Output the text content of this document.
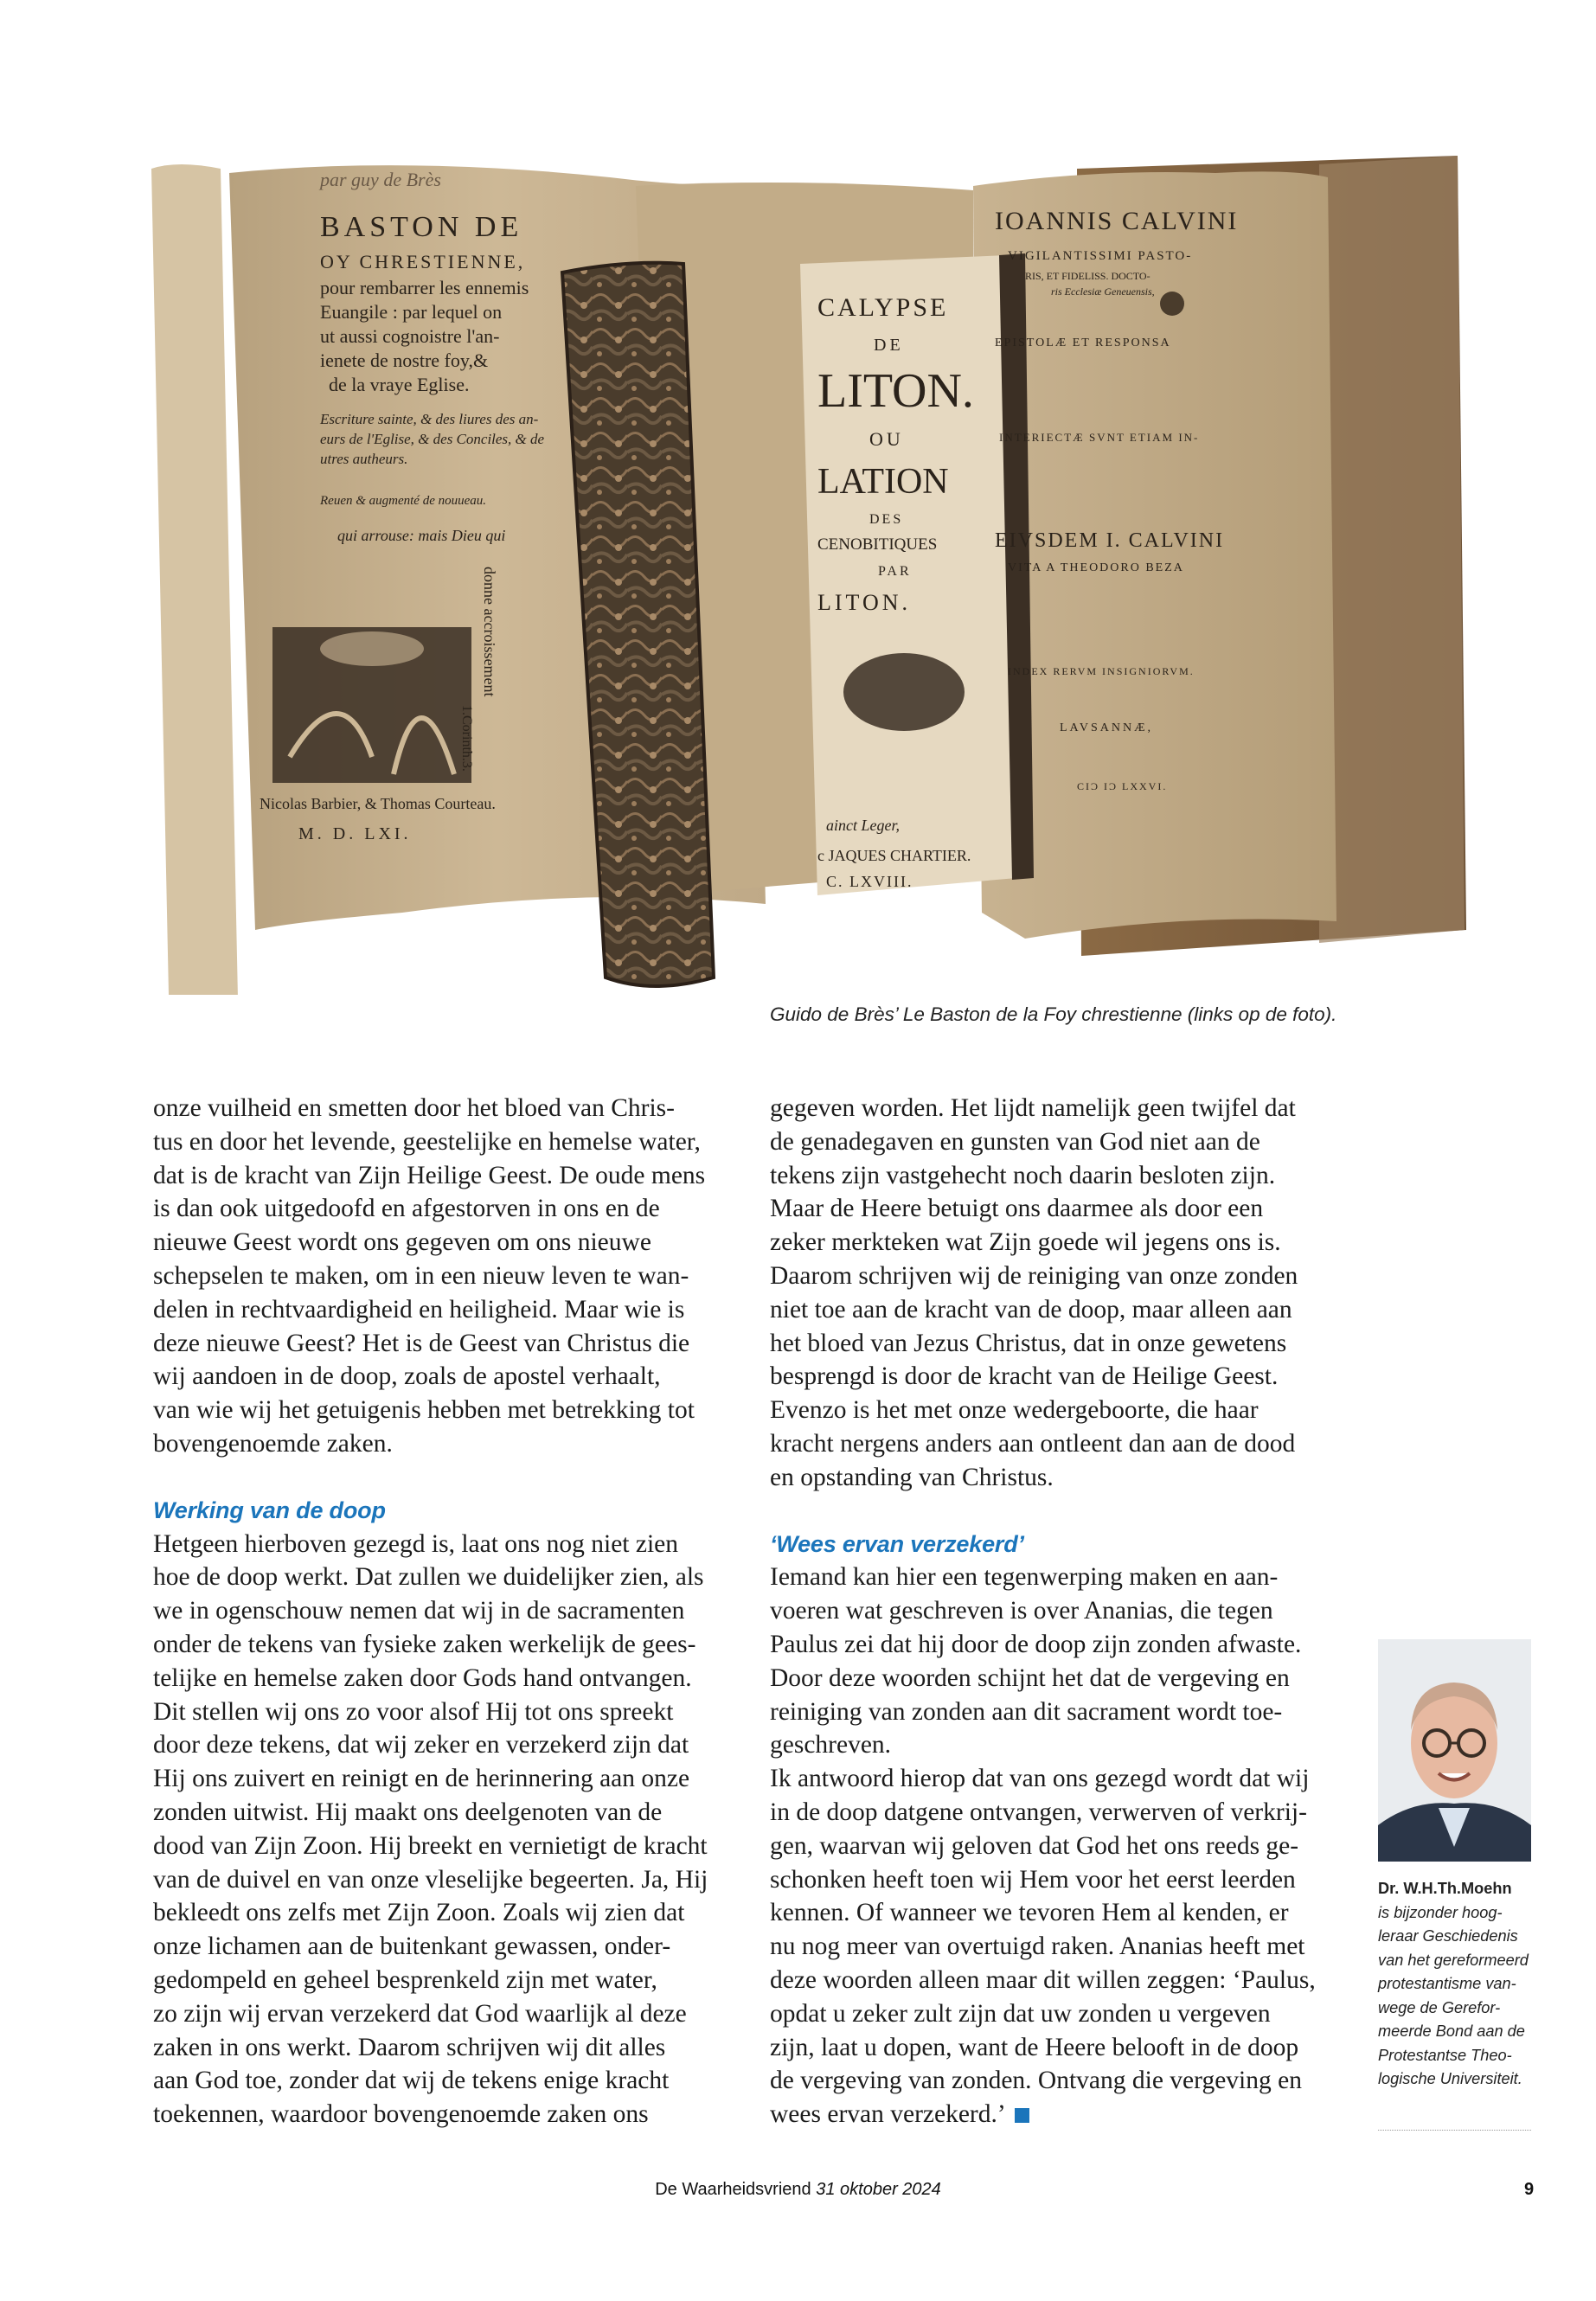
par guy de Brès
BASTON DE
OY CHRESTIENNE,
pour rembarrer les ennemis
Euangile : par lequel on
ut aussi cognoistre l'an-
ienete de nostre foy,&
de la vraye Eglise.
Escriture sainte, & des liures des an-
eurs de l'Eglise, & des Conciles, & de
utres autheurs.
Reuen & augmenté de nouueau.
qui arrouse: mais Dieu qui
donne accroissement
1.Corinth.3.
Nicolas Barbier, & Thomas Courteau.
M. D. LXI.
CALYPSE
DE
LITON.
OU
LATION
DES
CENOBITIQUES
PAR
LITON.
ainct Leger,
c JAQUES CHARTIER.
C. LXVIII.
IOANNIS CALVINI
VIGILANTISSIMI PASTO-
RIS, ET FIDELISS. DOCTO-
ris Ecclesiæ Geneuensis,
EPISTOLÆ ET RESPONSA
INTERIECTÆ SVNT ETIAM IN-
EIVSDEM I. CALVINI
VITA A THEODORO BEZA
INDEX RERVM INSIGNIORVM.
LAVSANNÆ,
CIƆ IƆ LXXVI.
Guido de Brès’ Le Baston de la Foy chrestienne (links op de foto).
onze vuilheid en smetten door het bloed van Chris-
tus en door het levende, geestelijke en hemelse water,
dat is de kracht van Zijn Heilige Geest. De oude mens
is dan ook uitgedoofd en afgestorven in ons en de
nieuwe Geest wordt ons gegeven om ons nieuwe
schepselen te maken, om in een nieuw leven te wan-
delen in rechtvaardigheid en heiligheid. Maar wie is
deze nieuwe Geest? Het is de Geest van Christus die
wij aandoen in de doop, zoals de apostel verhaalt,
van wie wij het getuigenis hebben met betrekking tot
bovengenoemde zaken.
Werking van de doop
Hetgeen hierboven gezegd is, laat ons nog niet zien
hoe de doop werkt. Dat zullen we duidelijker zien, als
we in ogenschouw nemen dat wij in de sacramenten
onder de tekens van fysieke zaken werkelijk de gees-
telijke en hemelse zaken door Gods hand ontvangen.
Dit stellen wij ons zo voor alsof Hij tot ons spreekt
door deze tekens, dat wij zeker en verzekerd zijn dat
Hij ons zuivert en reinigt en de herinnering aan onze
zonden uitwist. Hij maakt ons deelgenoten van de
dood van Zijn Zoon. Hij breekt en vernietigt de kracht
van de duivel en van onze vleselijke begeerten. Ja, Hij
bekleedt ons zelfs met Zijn Zoon. Zoals wij zien dat
onze lichamen aan de buitenkant gewassen, onder-
gedompeld en geheel besprenkeld zijn met water,
zo zijn wij ervan verzekerd dat God waarlijk al deze
zaken in ons werkt. Daarom schrijven wij dit alles
aan God toe, zonder dat wij de tekens enige kracht
toekennen, waardoor bovengenoemde zaken ons
gegeven worden. Het lijdt namelijk geen twijfel dat
de genadegaven en gunsten van God niet aan de
tekens zijn vastgehecht noch daarin besloten zijn.
Maar de Heere betuigt ons daarmee als door een
zeker merkteken wat Zijn goede wil jegens ons is.
Daarom schrijven wij de reiniging van onze zonden
niet toe aan de kracht van de doop, maar alleen aan
het bloed van Jezus Christus, dat in onze gewetens
besprengd is door de kracht van de Heilige Geest.
Evenzo is het met onze wedergeboorte, die haar
kracht nergens anders aan ontleent dan aan de dood
en opstanding van Christus.
‘Wees ervan verzekerd’
Iemand kan hier een tegenwerping maken en aan-
voeren wat geschreven is over Ananias, die tegen
Paulus zei dat hij door de doop zijn zonden afwaste.
Door deze woorden schijnt het dat de vergeving en
reiniging van zonden aan dit sacrament wordt toe-
geschreven.
Ik antwoord hierop dat van ons gezegd wordt dat wij
in de doop datgene ontvangen, verwerven of verkrij-
gen, waarvan wij geloven dat God het ons reeds ge-
schonken heeft toen wij Hem voor het eerst leerden
kennen. Of wanneer we tevoren Hem al kenden, er
nu nog meer van overtuigd raken. Ananias heeft met
deze woorden alleen maar dit willen zeggen: ‘Paulus,
opdat u zeker zult zijn dat uw zonden u vergeven
zijn, laat u dopen, want de Heere belooft in de doop
de vergeving van zonden. Ontvang die vergeving en
wees ervan verzekerd.’
Dr. W.H.Th.Moehn
is bijzonder hoog-
leraar Geschiedenis
van het gereformeerd
protestantisme van-
wege de Gerefor-
meerde Bond aan de
Protestantse Theo-
logische Universiteit.
De Waarheidsvriend 31 oktober 2024	9
